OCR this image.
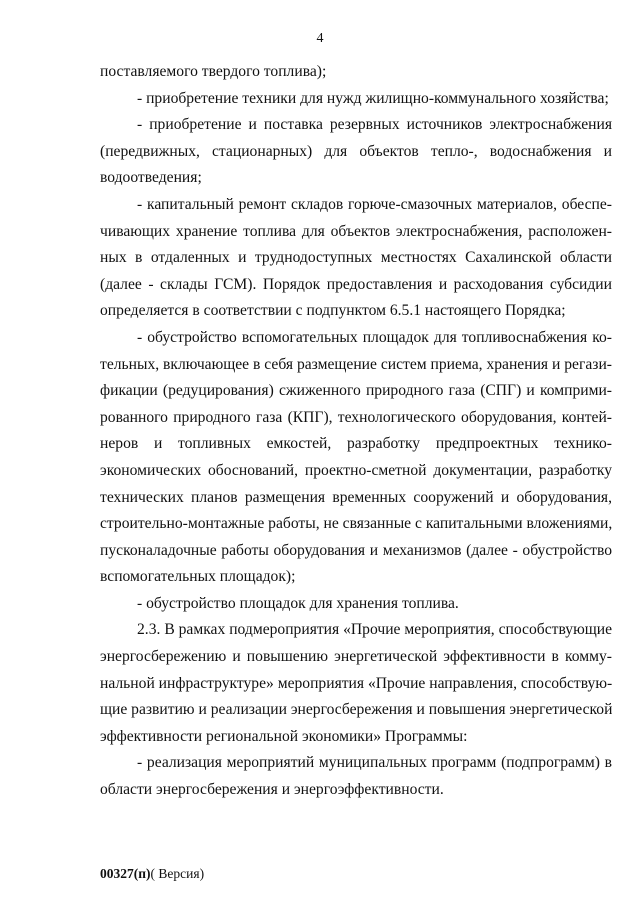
4
поставляемого твердого топлива);
- приобретение техники для нужд жилищно-коммунального хозяйства;
- приобретение и поставка резервных источников электроснабжения
(передвижных, стационарных) для объектов тепло-, водоснабжения и
водоотведения;
- капитальный ремонт складов горюче-смазочных материалов, обеспе-
чивающих хранение топлива для объектов электроснабжения, расположен-
ных в отдаленных и труднодоступных местностях Сахалинской области
(далее - склады ГСМ). Порядок предоставления и расходования субсидии
определяется в соответствии с подпунктом 6.5.1 настоящего Порядка;
- обустройство вспомогательных площадок для топливоснабжения ко-
тельных, включающее в себя размещение систем приема, хранения и регази-
фикации (редуцирования) сжиженного природного газа (СПГ) и комприми-
рованного природного газа (КПГ), технологического оборудования, контей-
неров и топливных емкостей, разработку предпроектных технико-
экономических обоснований, проектно-сметной документации, разработку
технических планов размещения временных сооружений и оборудования,
строительно-монтажные работы, не связанные с капитальными вложениями,
пусконаладочные работы оборудования и механизмов (далее - обустройство
вспомогательных площадок);
- обустройство площадок для хранения топлива.
2.3. В рамках подмероприятия «Прочие мероприятия, способствующие
энергосбережению и повышению энергетической эффективности в комму-
нальной инфраструктуре» мероприятия «Прочие направления, способствую-
щие развитию и реализации энергосбережения и повышения энергетической
эффективности региональной экономики» Программы:
- реализация мероприятий муниципальных программ (подпрограмм) в
области энергосбережения и энергоэффективности.
00327(п)( Версия)
